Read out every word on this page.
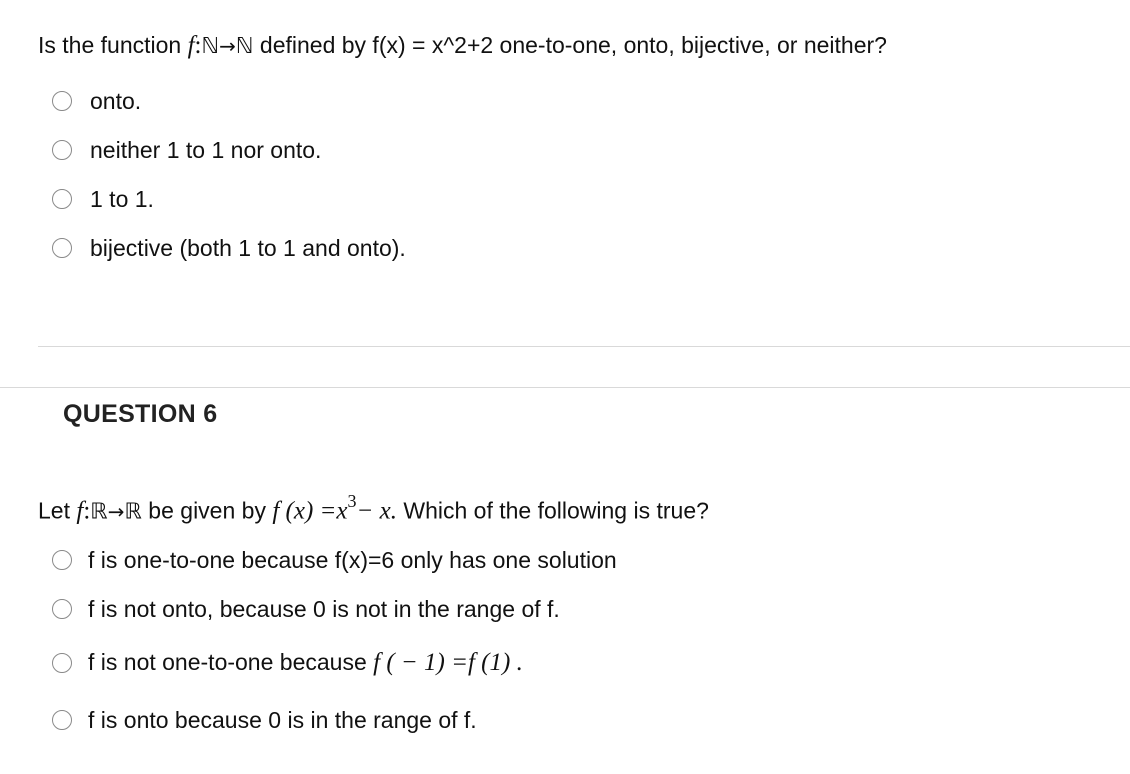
Is the function f:ℕ→ℕ defined by f(x) = x^2+2 one-to-one, onto, bijective, or neither?
onto.
neither 1 to 1 nor onto.
1 to 1.
bijective (both 1 to 1 and onto).
QUESTION 6
Let f:ℝ→ℝ be given by f $(x) =x^3- x$. Which of the following is true?
f is one-to-one because f(x)=6 only has one solution
f is not onto, because 0 is not in the range of f.
f is not one-to-one because f ( − 1) =f (1) .
f is onto because 0 is in the range of f.
